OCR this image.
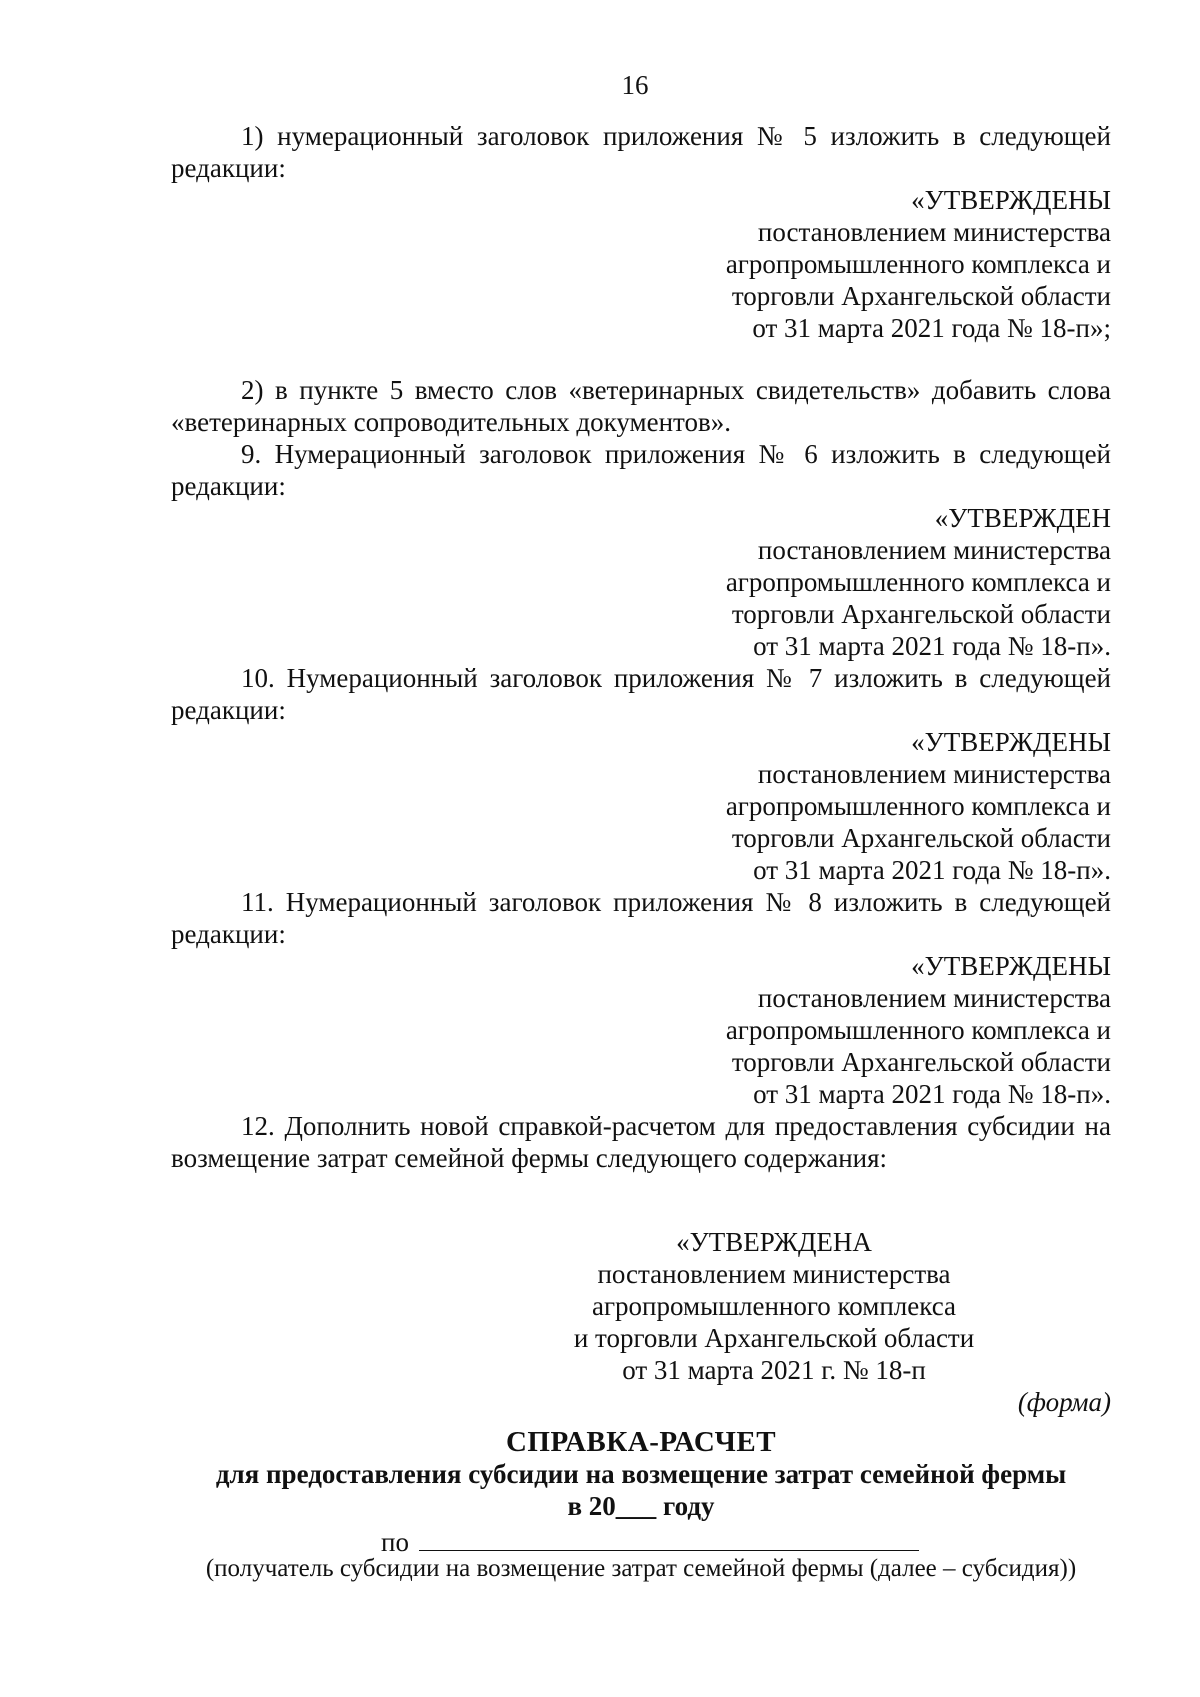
16

1) нумерационный заголовок приложения № 5 изложить в следующей редакции:

«УТВЕРЖДЕНЫ
постановлением министерства
агропромышленного комплекса и
торговли Архангельской области
от 31 марта 2021 года № 18-п»;

2) в пункте 5 вместо слов «ветеринарных свидетельств» добавить слова «ветеринарных сопроводительных документов».

9. Нумерационный заголовок приложения № 6 изложить в следующей редакции:

«УТВЕРЖДЕН
постановлением министерства
агропромышленного комплекса и
торговли Архангельской области
от 31 марта 2021 года № 18-п».

10. Нумерационный заголовок приложения № 7 изложить в следующей редакции:

«УТВЕРЖДЕНЫ
постановлением министерства
агропромышленного комплекса и
торговли Архангельской области
от 31 марта 2021 года № 18-п».

11. Нумерационный заголовок приложения № 8 изложить в следующей редакции:

«УТВЕРЖДЕНЫ
постановлением министерства
агропромышленного комплекса и
торговли Архангельской области
от 31 марта 2021 года № 18-п».

12. Дополнить новой справкой-расчетом для предоставления субсидии на возмещение затрат семейной фермы следующего содержания:

«УТВЕРЖДЕНА
постановлением министерства
агропромышленного комплекса
и торговли Архангельской области
от 31 марта 2021 г. № 18-п

(форма)

СПРАВКА-РАСЧЕТ

для предоставления субсидии на возмещение затрат семейной фермы

в 20___ году

по

(получатель субсидии на возмещение затрат семейной фермы (далее – субсидия))
